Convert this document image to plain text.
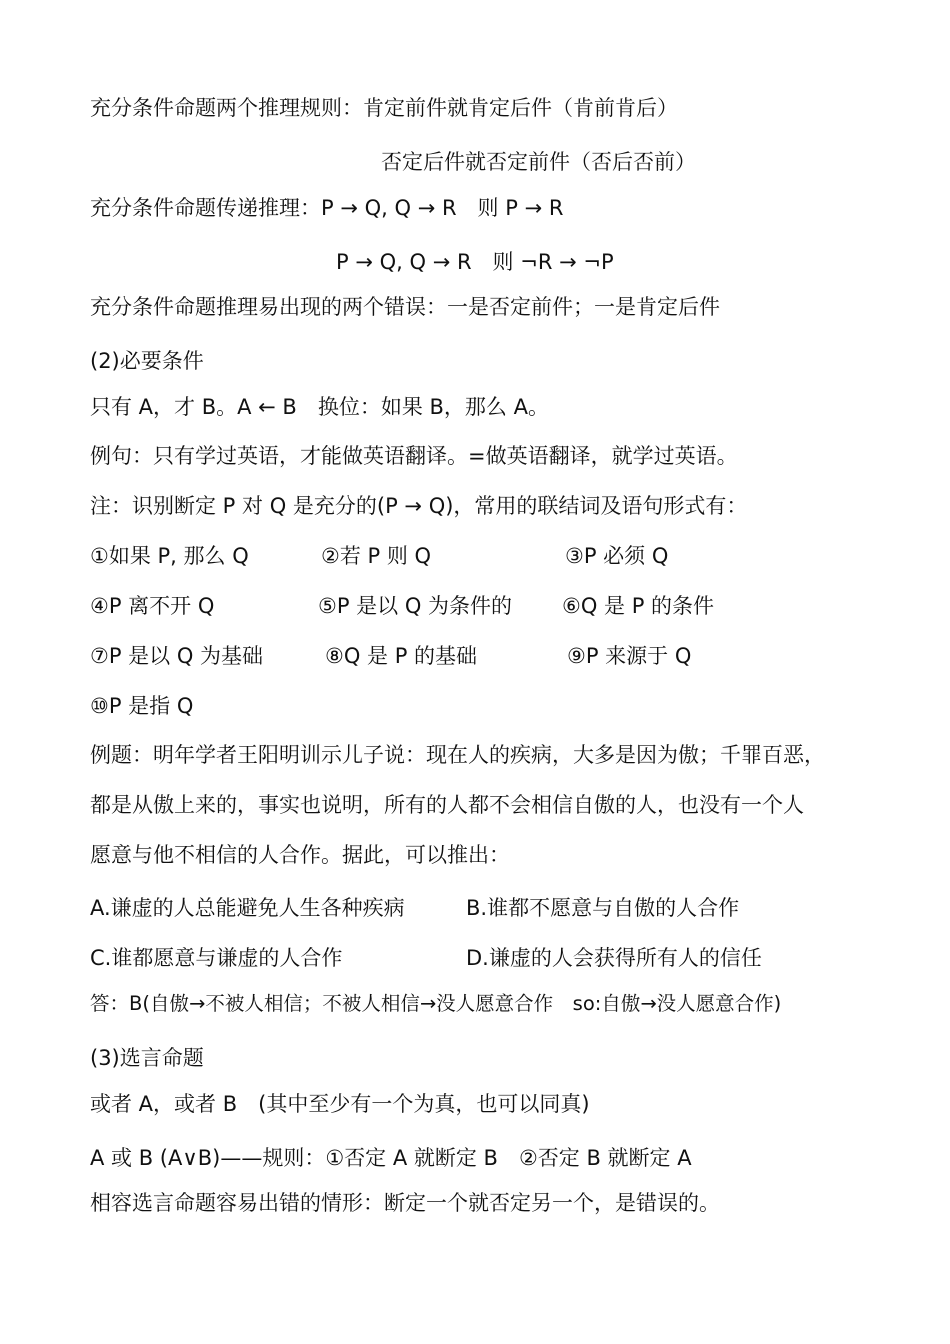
充分条件命题两个推理规则：肯定前件就肯定后件（肯前肯后）
否定后件就否定前件（否后否前）
充分条件命题传递推理：P → Q, Q → R　则 P → R
P → Q, Q → R　则 ¬R → ¬P
充分条件命题推理易出现的两个错误：一是否定前件；一是肯定后件
(2)必要条件
只有 A，才 B。A ← B　换位：如果 B，那么 A。
例句：只有学过英语，才能做英语翻译。=做英语翻译，就学过英语。
注：识别断定 P 对 Q 是充分的(P → Q)，常用的联结词及语句形式有：
①如果 P, 那么 Q	②若 P 则 Q	③P 必须 Q
④P 离不开 Q	⑤P 是以 Q 为条件的 ⑥Q 是 P 的条件
⑦P 是以 Q 为基础	⑧Q 是 P 的基础	⑨P 来源于 Q
⑩P 是指 Q
例题：明年学者王阳明训示儿子说：现在人的疾病，大多是因为傲；千罪百恶，
都是从傲上来的，事实也说明，所有的人都不会相信自傲的人，也没有一个人
愿意与他不相信的人合作。据此，可以推出：
A.谦虚的人总能避免人生各种疾病	B.谁都不愿意与自傲的人合作
C.谁都愿意与谦虚的人合作	D.谦虚的人会获得所有人的信任
答：B(自傲→不被人相信；不被人相信→没人愿意合作　so:自傲→没人愿意合作)
(3)选言命题
或者 A，或者 B　(其中至少有一个为真，也可以同真)
A 或 B (A∨B)——规则：①否定 A 就断定 B　②否定 B 就断定 A
相容选言命题容易出错的情形：断定一个就否定另一个，是错误的。
